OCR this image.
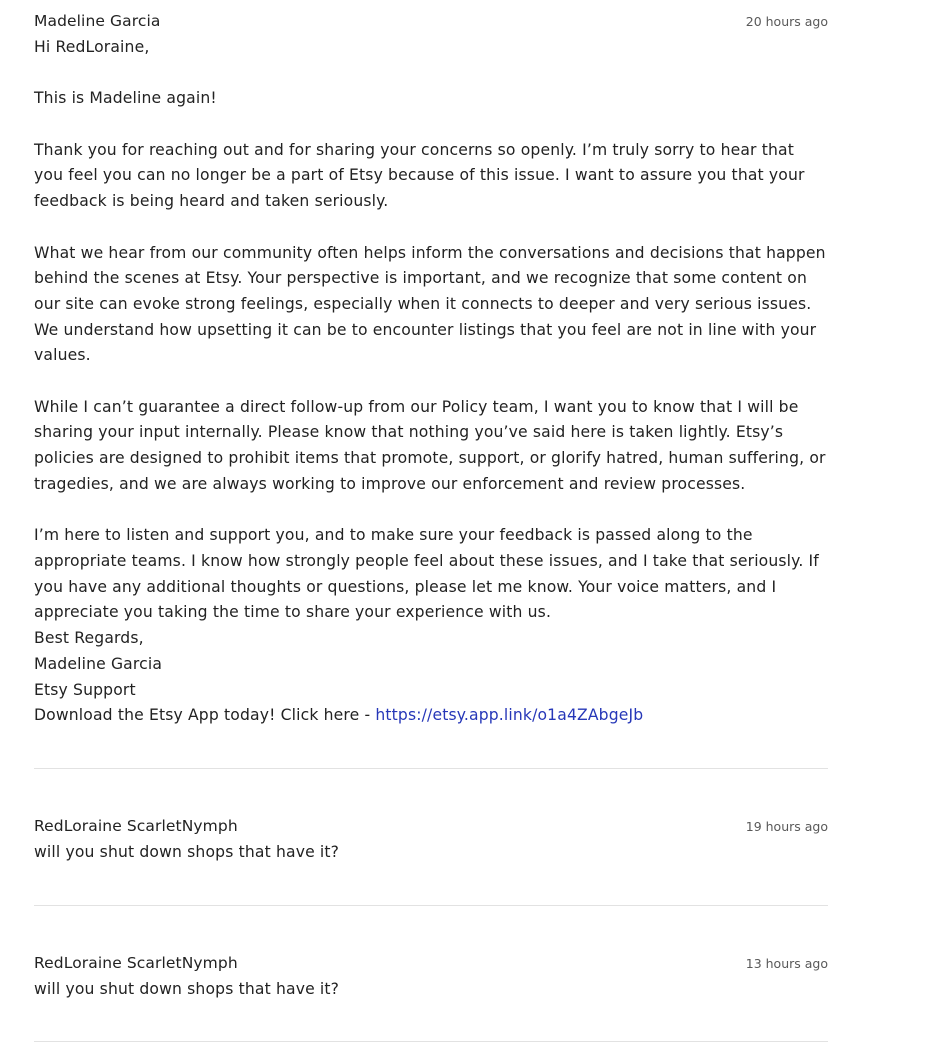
Madeline Garcia	20 hours ago

Hi RedLoraine,

This is Madeline again!

Thank you for reaching out and for sharing your concerns so openly. I’m truly sorry to hear that you feel you can no longer be a part of Etsy because of this issue. I want to assure you that your feedback is being heard and taken seriously.

What we hear from our community often helps inform the conversations and decisions that happen behind the scenes at Etsy. Your perspective is important, and we recognize that some content on our site can evoke strong feelings, especially when it connects to deeper and very serious issues. We understand how upsetting it can be to encounter listings that you feel are not in line with your values.

While I can’t guarantee a direct follow-up from our Policy team, I want you to know that I will be sharing your input internally. Please know that nothing you’ve said here is taken lightly. Etsy’s policies are designed to prohibit items that promote, support, or glorify hatred, human suffering, or tragedies, and we are always working to improve our enforcement and review processes.

I’m here to listen and support you, and to make sure your feedback is passed along to the appropriate teams. I know how strongly people feel about these issues, and I take that seriously. If you have any additional thoughts or questions, please let me know. Your voice matters, and I appreciate you taking the time to share your experience with us.

Best Regards,

Madeline Garcia

Etsy Support

Download the Etsy App today! Click here - https://etsy.app.link/o1a4ZAbgeJb

RedLoraine ScarletNymph	19 hours ago

will you shut down shops that have it?

RedLoraine ScarletNymph	13 hours ago

will you shut down shops that have it?
